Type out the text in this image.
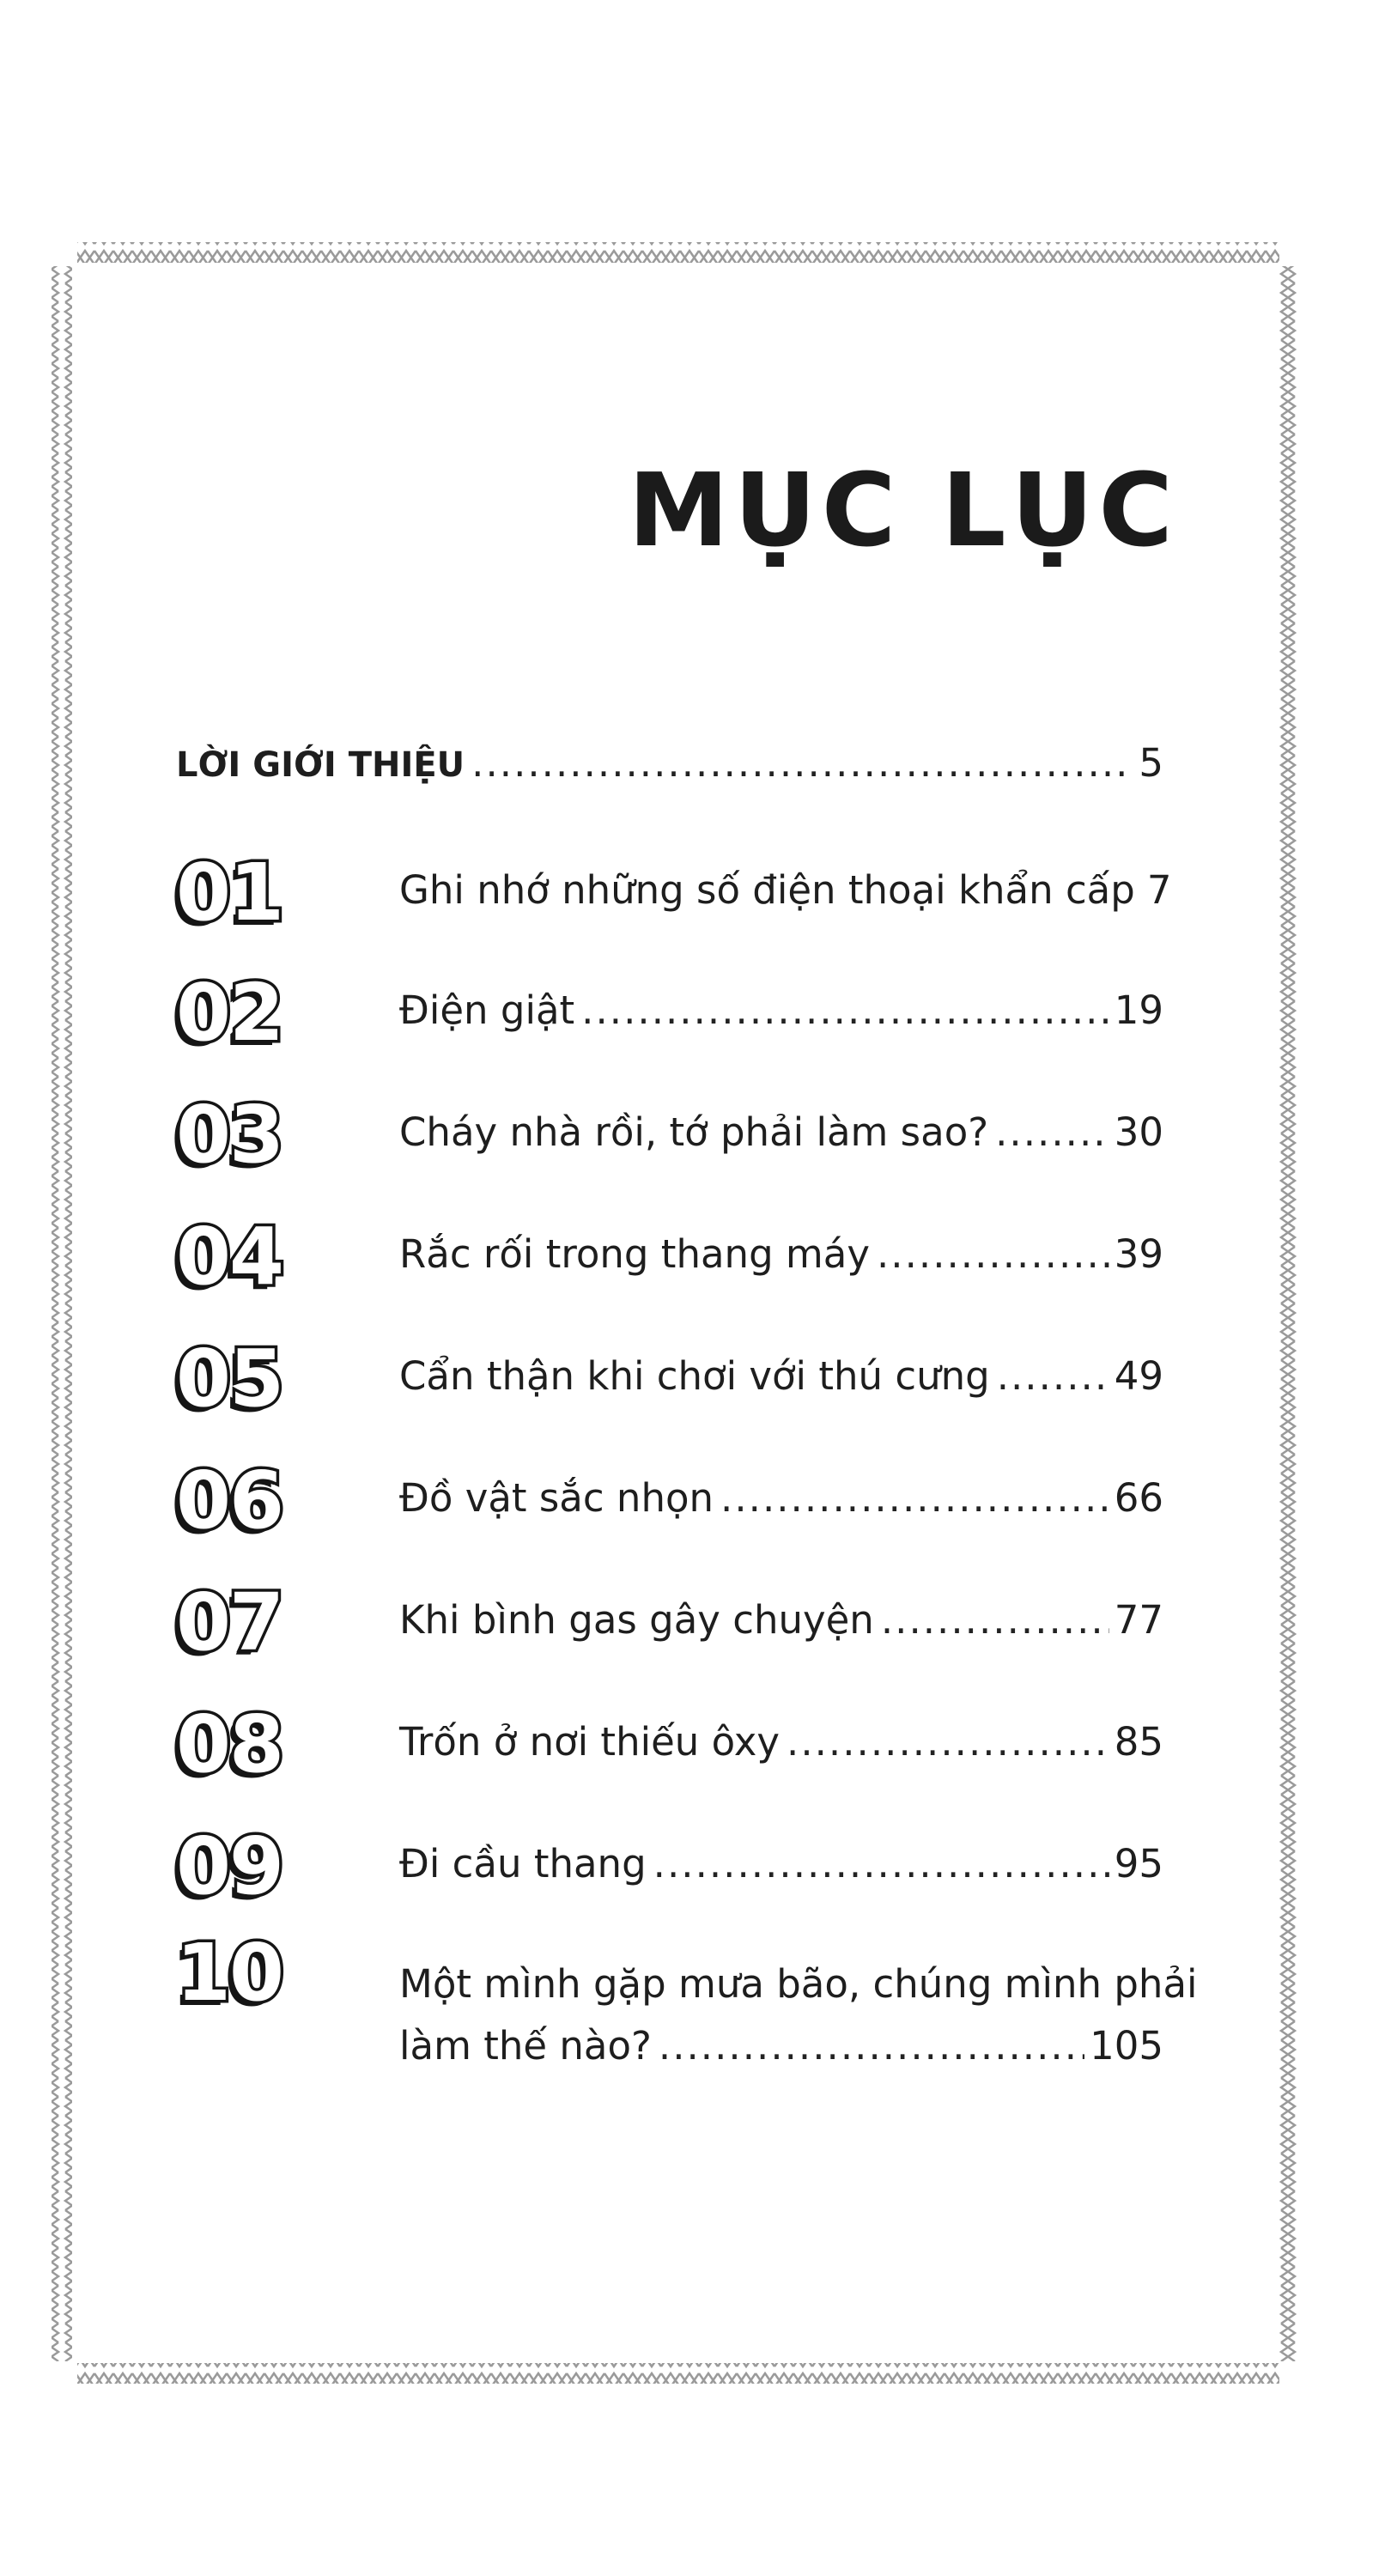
MỤC LỤC
LỜI GIỚI THIỆU .....	5
01	Ghi nhớ những số điện thoại khẩn cấp 7
02	Điện giật .....	19
03	Cháy nhà rồi, tớ phải làm sao? .....	30
04	Rắc rối trong thang máy .....	39
05	Cẩn thận khi chơi với thú cưng .....	49
06	Đồ vật sắc nhọn .....	66
07	Khi bình gas gây chuyện .....	77
08	Trốn ở nơi thiếu ôxy .....	85
09	Đi cầu thang .....	95
10	Một mình gặp mưa bão, chúng mình phải
làm thế nào? .....	105
